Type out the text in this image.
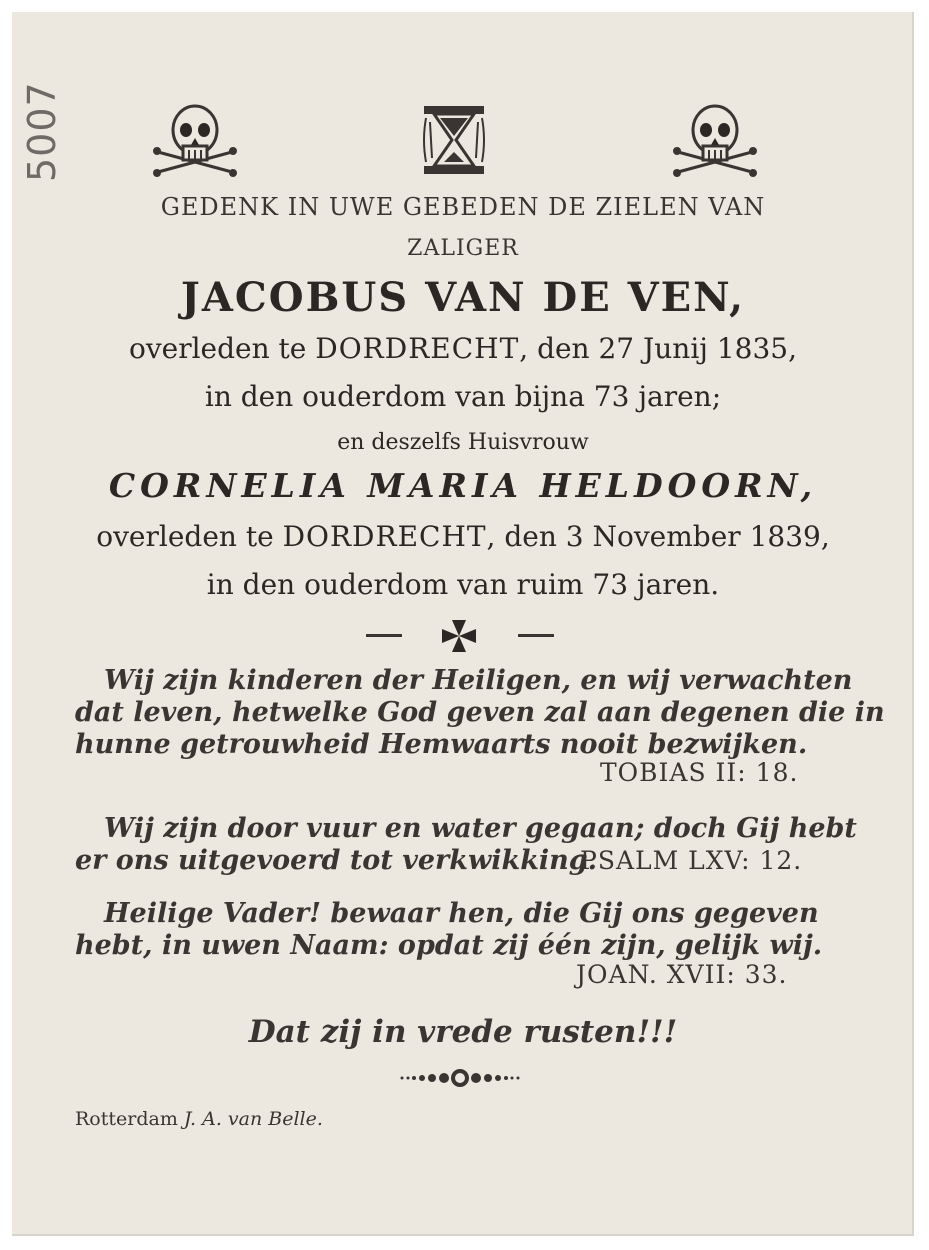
5007
GEDENK IN UWE GEBEDEN DE ZIELEN VAN
ZALIGER
JACOBUS VAN DE VEN,
overleden te DORDRECHT, den 27 Junij 1835,
in den ouderdom van bijna 73 jaren;
en deszelfs Huisvrouw
CORNELIA MARIA HELDOORN,
overleden te DORDRECHT, den 3 November 1839,
in den ouderdom van ruim 73 jaren.
Wij zijn kinderen der Heiligen, en wij verwachten
dat leven, hetwelke God geven zal aan degenen die in
hunne getrouwheid Hemwaarts nooit bezwijken.
TOBIAS II: 18.
Wij zijn door vuur en water gegaan; doch Gij hebt
er ons uitgevoerd tot verkwikking.
PSALM LXV: 12.
Heilige Vader! bewaar hen, die Gij ons gegeven
hebt, in uwen Naam: opdat zij één zijn, gelijk wij.
JOAN. XVII: 33.
Dat zij in vrede rusten!!!
Rotterdam J. A. van Belle.
